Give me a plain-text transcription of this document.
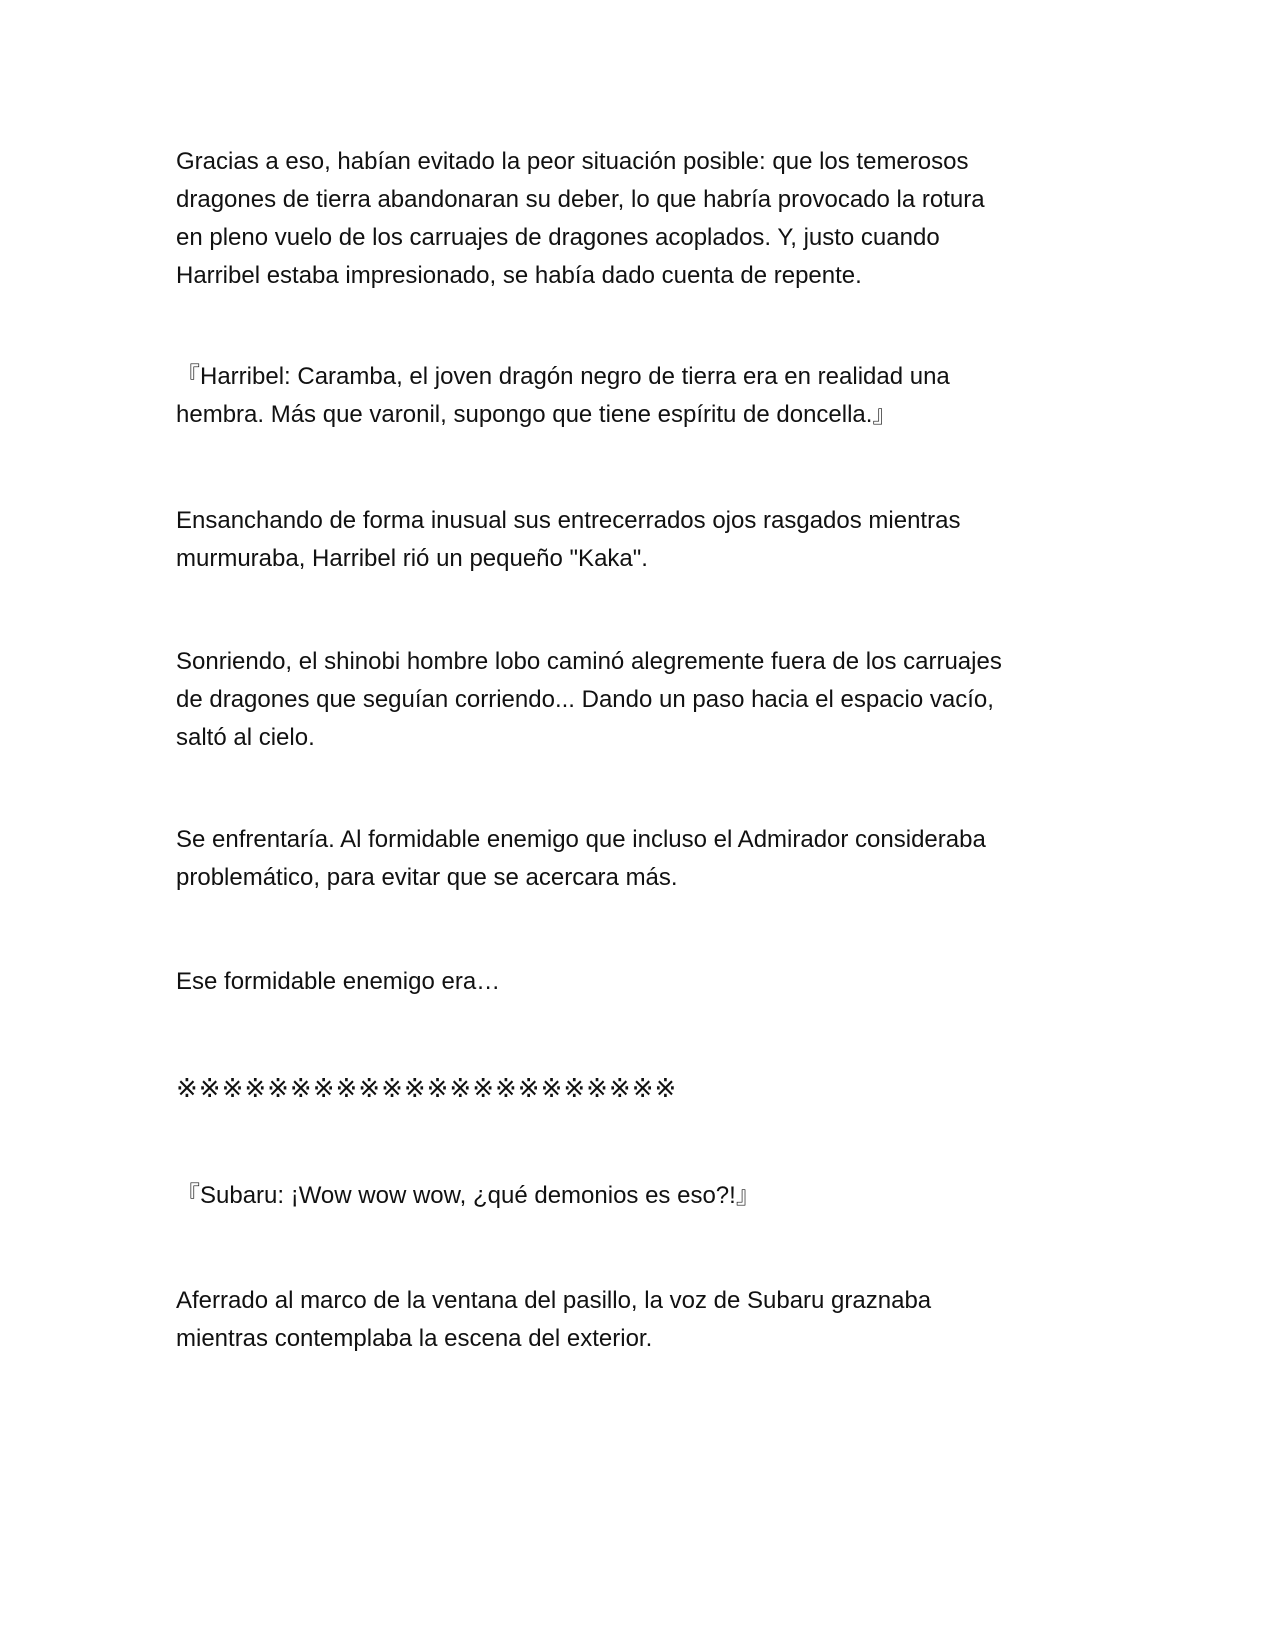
Gracias a eso, habían evitado la peor situación posible: que los temerosos
dragones de tierra abandonaran su deber, lo que habría provocado la rotura
en pleno vuelo de los carruajes de dragones acoplados. Y, justo cuando
Harribel estaba impresionado, se había dado cuenta de repente.

『Harribel: Caramba, el joven dragón negro de tierra era en realidad una
hembra. Más que varonil, supongo que tiene espíritu de doncella.』

Ensanchando de forma inusual sus entrecerrados ojos rasgados mientras
murmuraba, Harribel rió un pequeño "Kaka".

Sonriendo, el shinobi hombre lobo caminó alegremente fuera de los carruajes
de dragones que seguían corriendo... Dando un paso hacia el espacio vacío,
saltó al cielo.

Se enfrentaría. Al formidable enemigo que incluso el Admirador consideraba
problemático, para evitar que se acercara más.

Ese formidable enemigo era…

※※※※※※※※※※※※※※※※※※※※※※

『Subaru: ¡Wow wow wow, ¿qué demonios es eso?!』

Aferrado al marco de la ventana del pasillo, la voz de Subaru graznaba
mientras contemplaba la escena del exterior.
